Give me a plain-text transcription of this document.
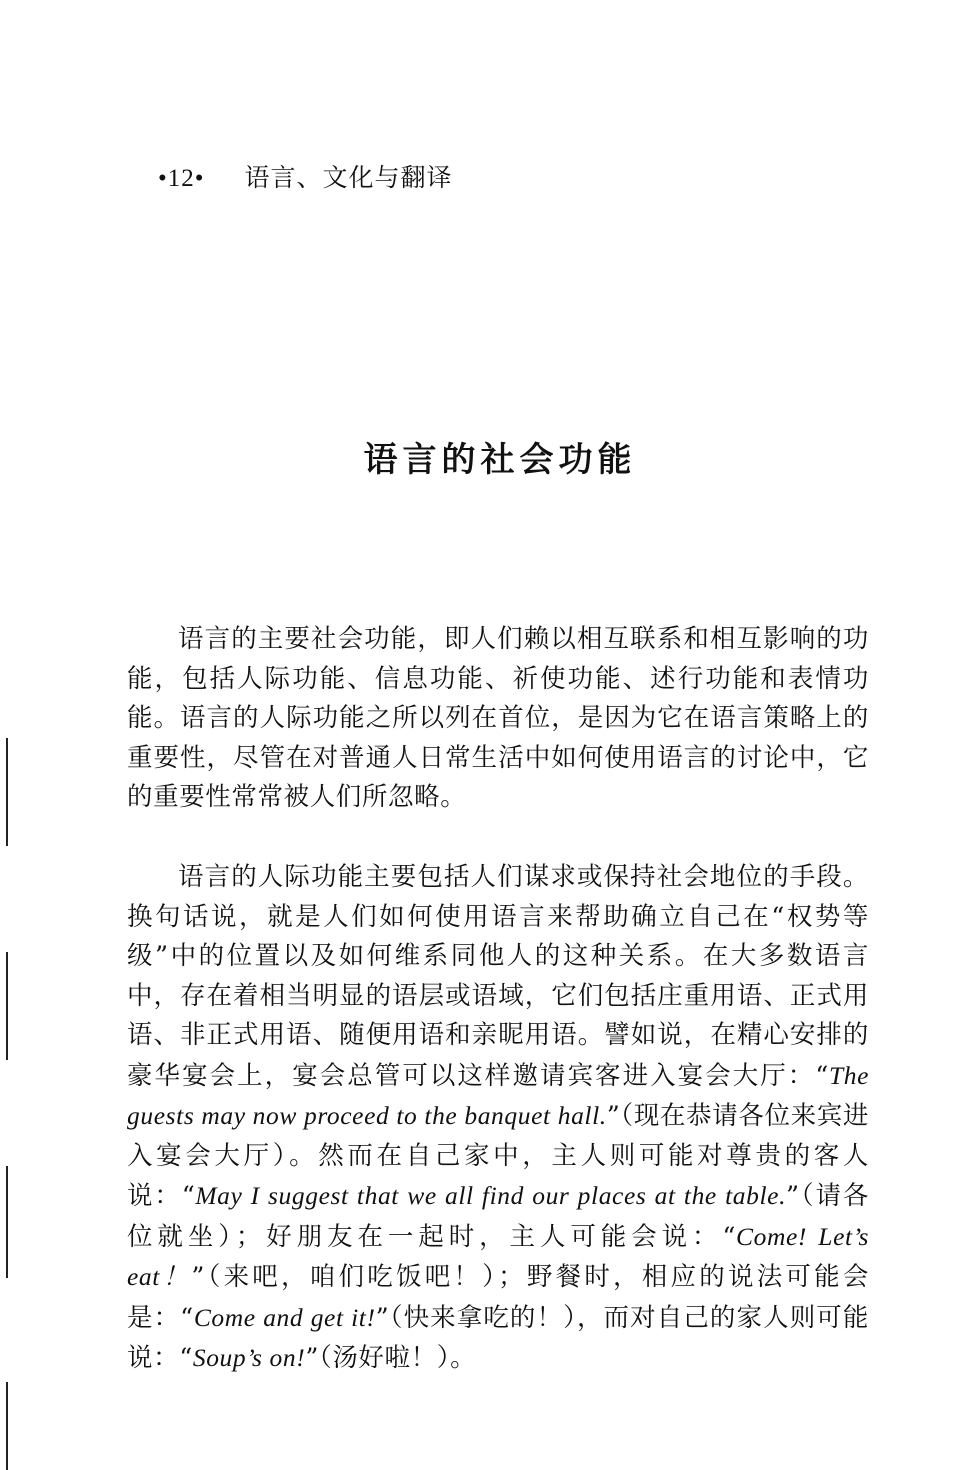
•12• 语言、文化与翻译
语言的社会功能

语言的主要社会功能，即人们赖以相互联系和相互影响的功能，包括人际功能、信息功能、祈使功能、述行功能和表情功能。语言的人际功能之所以列在首位，是因为它在语言策略上的重要性，尽管在对普通人日常生活中如何使用语言的讨论中，它的重要性常常被人们所忽略。

语言的人际功能主要包括人们谋求或保持社会地位的手段。换句话说，就是人们如何使用语言来帮助确立自己在“权势等级”中的位置以及如何维系同他人的这种关系。在大多数语言中，存在着相当明显的语层或语域，它们包括庄重用语、正式用语、非正式用语、随便用语和亲昵用语。譬如说，在精心安排的豪华宴会上，宴会总管可以这样邀请宾客进入宴会大厅：“The guests may now proceed to the banquet hall.”（现在恭请各位来宾进入宴会大厅）。然而在自己家中，主人则可能对尊贵的客人说：“May I suggest that we all find our places at the table.”（请各位就坐）；好朋友在一起时，主人可能会说：“Come! Let’s eat！”（来吧，咱们吃饭吧！）；野餐时，相应的说法可能会是：“Come and get it!”（快来拿吃的！），而对自己的家人则可能说：“Soup’s on!”（汤好啦！）。
